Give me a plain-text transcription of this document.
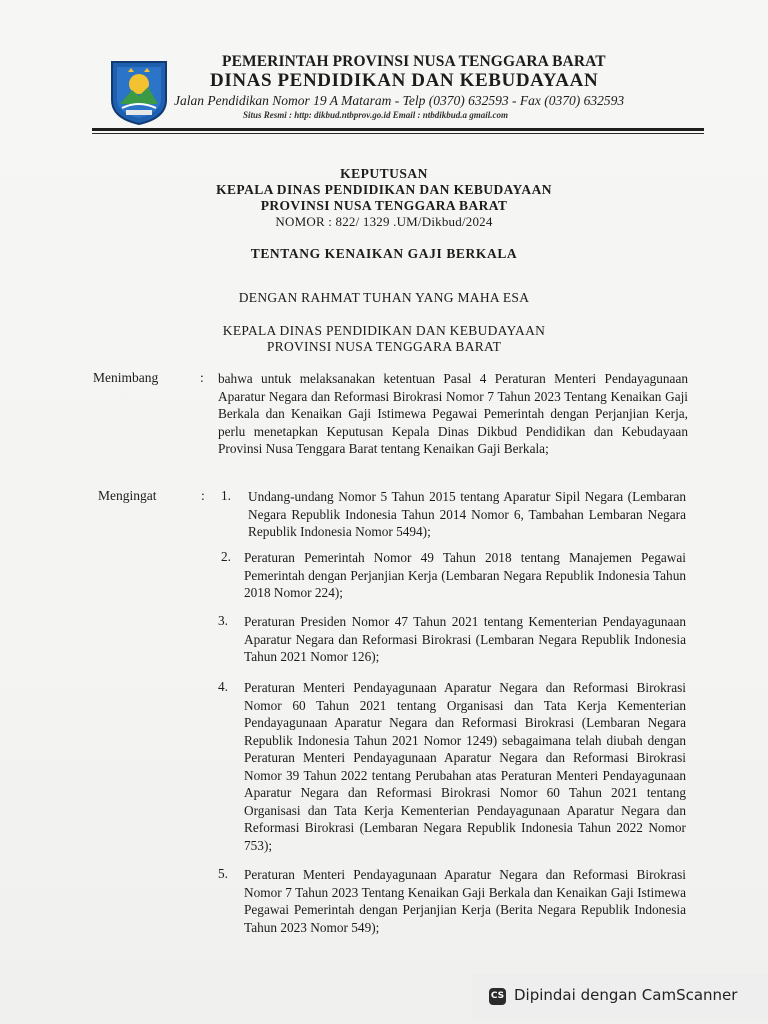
PEMERINTAH PROVINSI NUSA TENGGARA BARAT
DINAS PENDIDIKAN DAN KEBUDAYAAN
Jalan Pendidikan Nomor 19 A Mataram - Telp (0370) 632593 - Fax (0370) 632593
Situs Resmi : http: dikbud.ntbprov.go.id Email : ntbdikbud.a gmail.com
KEPUTUSAN
KEPALA DINAS PENDIDIKAN DAN KEBUDAYAAN
PROVINSI NUSA TENGGARA BARAT
NOMOR : 822/ 1329 .UM/Dikbud/2024
TENTANG KENAIKAN GAJI BERKALA
DENGAN RAHMAT TUHAN YANG MAHA ESA
KEPALA DINAS PENDIDIKAN DAN KEBUDAYAAN
PROVINSI NUSA TENGGARA BARAT
Menimbang	: bahwa untuk melaksanakan ketentuan Pasal 4 Peraturan Menteri Pendayagunaan Aparatur Negara dan Reformasi Birokrasi Nomor 7 Tahun 2023 Tentang Kenaikan Gaji Berkala dan Kenaikan Gaji Istimewa Pegawai Pemerintah dengan Perjanjian Kerja, perlu menetapkan Keputusan Kepala Dinas Dikbud Pendidikan dan Kebudayaan Provinsi Nusa Tenggara Barat tentang Kenaikan Gaji Berkala;
Mengingat	: 1. Undang-undang Nomor 5 Tahun 2015 tentang Aparatur Sipil Negara (Lembaran Negara Republik Indonesia Tahun 2014 Nomor 6, Tambahan Lembaran Negara Republik Indonesia Nomor 5494);
2. Peraturan Pemerintah Nomor 49 Tahun 2018 tentang Manajemen Pegawai Pemerintah dengan Perjanjian Kerja (Lembaran Negara Republik Indonesia Tahun 2018 Nomor 224);
3. Peraturan Presiden Nomor 47 Tahun 2021 tentang Kementerian Pendayagunaan Aparatur Negara dan Reformasi Birokrasi (Lembaran Negara Republik Indonesia Tahun 2021 Nomor 126);
4. Peraturan Menteri Pendayagunaan Aparatur Negara dan Reformasi Birokrasi Nomor 60 Tahun 2021 tentang Organisasi dan Tata Kerja Kementerian Pendayagunaan Aparatur Negara dan Reformasi Birokrasi (Lembaran Negara Republik Indonesia Tahun 2021 Nomor 1249) sebagaimana telah diubah dengan Peraturan Menteri Pendayagunaan Aparatur Negara dan Reformasi Birokrasi Nomor 39 Tahun 2022 tentang Perubahan atas Peraturan Menteri Pendayagunaan Aparatur Negara dan Reformasi Birokrasi Nomor 60 Tahun 2021 tentang Organisasi dan Tata Kerja Kementerian Pendayagunaan Aparatur Negara dan Reformasi Birokrasi (Lembaran Negara Republik Indonesia Tahun 2022 Nomor 753);
5. Peraturan Menteri Pendayagunaan Aparatur Negara dan Reformasi Birokrasi Nomor 7 Tahun 2023 Tentang Kenaikan Gaji Berkala dan Kenaikan Gaji Istimewa Pegawai Pemerintah dengan Perjanjian Kerja (Berita Negara Republik Indonesia Tahun 2023 Nomor 549);
CS Dipindai dengan CamScanner
